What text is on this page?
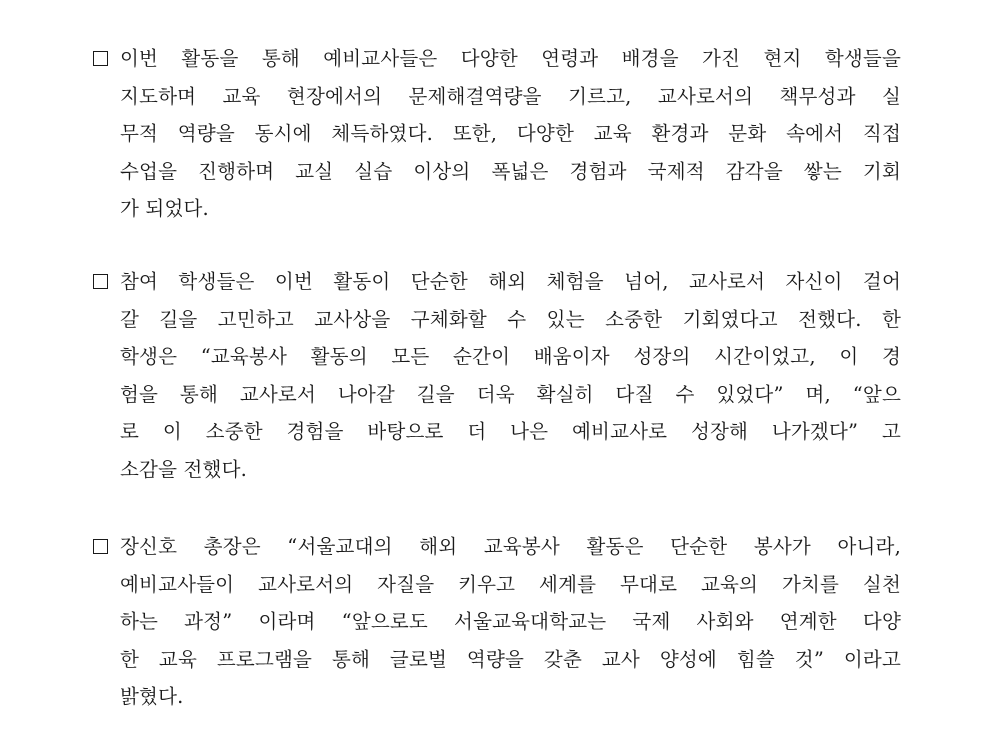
이번 활동을 통해 예비교사들은 다양한 연령과 배경을 가진 현지 학생들을
지도하며 교육 현장에서의 문제해결역량을 기르고, 교사로서의 책무성과 실
무적 역량을 동시에 체득하였다. 또한, 다양한 교육 환경과 문화 속에서 직접
수업을 진행하며 교실 실습 이상의 폭넓은 경험과 국제적 감각을 쌓는 기회
가 되었다.
참여 학생들은 이번 활동이 단순한 해외 체험을 넘어, 교사로서 자신이 걸어
갈 길을 고민하고 교사상을 구체화할 수 있는 소중한 기회였다고 전했다. 한
학생은 “교육봉사 활동의 모든 순간이 배움이자 성장의 시간이었고, 이 경
험을 통해 교사로서 나아갈 길을 더욱 확실히 다질 수 있었다” 며, “앞으
로 이 소중한 경험을 바탕으로 더 나은 예비교사로 성장해 나가겠다” 고
소감을 전했다.
장신호 총장은 “서울교대의 해외 교육봉사 활동은 단순한 봉사가 아니라,
예비교사들이 교사로서의 자질을 키우고 세계를 무대로 교육의 가치를 실천
하는 과정” 이라며 “앞으로도 서울교육대학교는 국제 사회와 연계한 다양
한 교육 프로그램을 통해 글로벌 역량을 갖춘 교사 양성에 힘쓸 것” 이라고
밝혔다.
